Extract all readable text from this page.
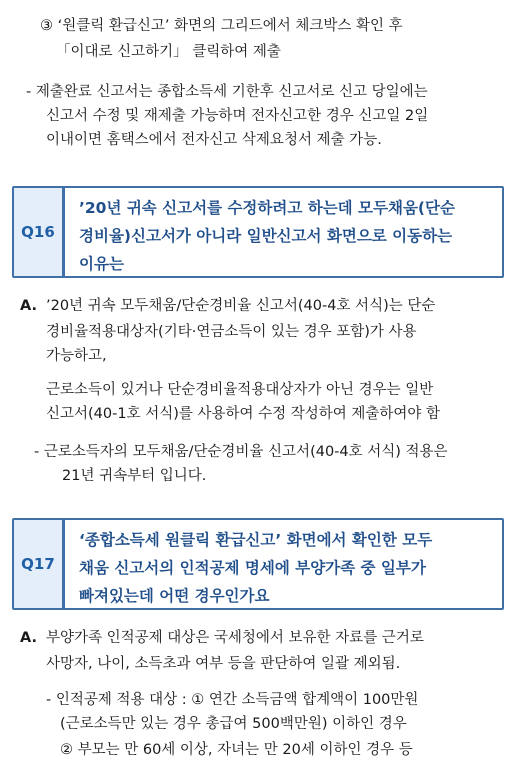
③ ‘원클릭 환급신고’ 화면의 그리드에서 체크박스 확인 후
「이대로 신고하기」 클릭하여 제출
- 제출완료 신고서는 종합소득세 기한후 신고서로 신고 당일에는
신고서 수정 및 재제출 가능하며 전자신고한 경우 신고일 2일
이내이면 홈택스에서 전자신고 삭제요청서 제출 가능.
Q16
’20년 귀속 신고서를 수정하려고 하는데 모두채움(단순
경비율)신고서가 아니라 일반신고서 화면으로 이동하는
이유는
A. ’20년 귀속 모두채움/단순경비율 신고서(40-4호 서식)는 단순
경비율적용대상자(기타·연금소득이 있는 경우 포함)가 사용
가능하고,
근로소득이 있거나 단순경비율적용대상자가 아닌 경우는 일반
신고서(40-1호 서식)를 사용하여 수정 작성하여 제출하여야 함
- 근로소득자의 모두채움/단순경비율 신고서(40-4호 서식) 적용은
21년 귀속부터 입니다.
Q17
‘종합소득세 원클릭 환급신고’ 화면에서 확인한 모두
채움 신고서의 인적공제 명세에 부양가족 중 일부가
빠져있는데 어떤 경우인가요
A. 부양가족 인적공제 대상은 국세청에서 보유한 자료를 근거로
사망자, 나이, 소득초과 여부 등을 판단하여 일괄 제외됨.
- 인적공제 적용 대상 : ① 연간 소득금액 합계액이 100만원
(근로소득만 있는 경우 총급여 500백만원) 이하인 경우
② 부모는 만 60세 이상, 자녀는 만 20세 이하인 경우 등
